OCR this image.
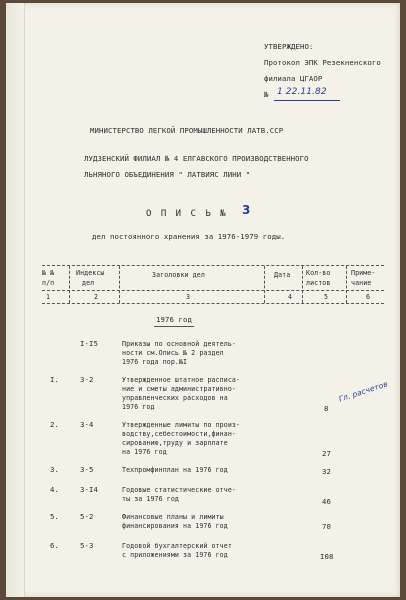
УТВЕРЖДЕНО:
Протокол ЭПК Резекненского
филиала ЦГАОР
№ 1 22.11.82
МИНИСТЕРСТВО ЛЕГКОЙ ПРОМЫШЛЕННОСТИ ЛАТВ.ССР
ЛУДЗЕНСКИЙ ФИЛИАЛ № 4 ЕЛГАВСКОГО ПРОИЗВОДСТВЕННОГО
ЛЬНЯНОГО ОБЪЕДИНЕНИЯ " ЛАТВИЯС ЛИНИ "
О П И С Ь № 3
дел постоянного хранения за 1976-1979 годы.
№ №
п/п
Индексы
дел
Заголовки дел	Дата Кол-во
листов
Приме-
чание
1	2	3	4	5	6
1976 год
I-I5	Приказы по основной деятель-
ности см.Опись № 2 раздел
1976 года пор.№I
I.	3-2	Утвержденное штатное расписа-
ние и сметы административно-
управленческих расходов на
1976 год	8
Гл. расчетов
2.	3-4	Утвержденные лимиты по произ-
водству,себестоимости,финан-
сированию,труду и зарплате
на 1976 год	27
3.	3-5	Техпромфинплан на 1976 год	32
4.	3-I4	Годовые статистические отче-
ты за 1976 год	46
5.	5-2	Финансовые планы и лимиты
финансирования на 1976 год	70
6.	5-3	Годовой бухгалтерский отчет
с приложениями за 1976 год	I08
